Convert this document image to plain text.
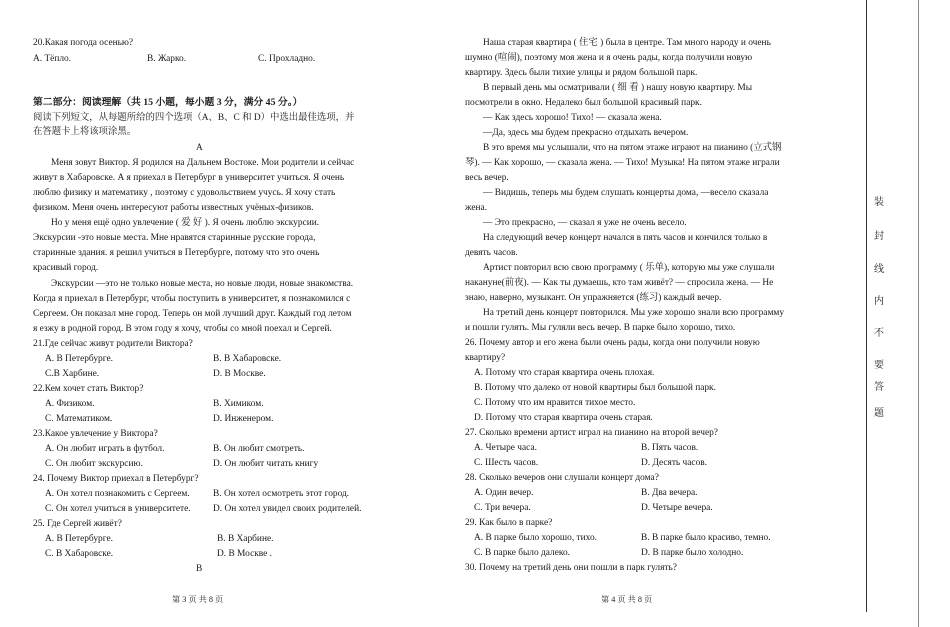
20.Какая погода осенью?
A. Тёпло.	B. Жарко.	C. Прохладно.
第二部分：阅读理解（共 15 小题，每小题 3 分，满分 45 分。）
阅读下列短文，从每题所给的四个选项（A、B、C 和 D）中选出最佳选项，并
在答题卡上将该项涂黑。
A
Меня зовут Виктор. Я родился на Дальнем Востоке. Мои родители и сейчас
живут в Хабаровске. А я приехал в Петербург в университет учиться. Я очень
люблю физику и математику , поэтому с удовольствием учусь. Я хочу стать
физиком. Меня очень интересуют работы известных учёных-физиков.
Но у меня ещё одно увлечение ( 爱 好 ). Я очень люблю экскурсии.
Экскурсии -это новые места. Мне нравятся старинные русские города,
старинные здания. я решил учиться в Петербурге, потому что это очень
красивый город.
Экскурсии —это не только новые места, но новые люди, новые знакомства.
Когда я приехал в Петербург, чтобы поступить в университет, я познакомился с
Сергеем. Он показал мне город. Теперь он мой лучший друг. Каждый год летом
я езжу в родной город. В этом году я хочу, чтобы со мной поехал и Сергей.
21.Где сейчас живут родители Виктора?
A. В Петербурге.	B. В Хабаровске.
C.В Харбине.	D. В Москве.
22.Кем хочет стать Виктор?
A. Физиком.	B. Химиком.
C. Математиком.	D. Инженером.
23.Какое увлечение у Виктора?
A. Он любит играть в футбол.	B. Он любит смотреть.
C. Он любит экскурсию.	D. Он любит читать книгу
24. Почему Виктор приехал в Петербург?
A. Он хотел познакомить с Сергеем. B. Он хотел осмотреть этот город.
C. Он хотел учиться в университете. D. Он хотел увидел своих родителей.
25. Где Сергей живёт?
A. В Петербурге.	B. В Харбине.
C. В Хабаровске.	D. В Москве .
B
第 3 页 共 8 页
Наша старая квартира ( 住宅 ) была в центре. Там много народу и очень
шумно (喧闹), поэтому моя жена и я очень рады, когда получили новую
квартиру. Здесь были тихие улицы и рядом большой парк.
В первый день мы осматривали ( 细 看 ) нашу новую квартиру. Мы
посмотрели в окно. Недалеко был большой красивый парк.
— Как здесь хорошо! Тихо! — сказала жена.
—Да, здесь мы будем прекрасно отдыхать вечером.
В это время мы услышали, что на пятом этаже играют на пианино (立式钢
琴). — Как хорошо, — сказала жена. — Тихо! Музыка! На пятом этаже играли
весь вечер.
— Видишь, теперь мы будем слушать концерты дома, —весело сказала
жена.
— Это прекрасно, — сказал я уже не очень весело.
На следующий вечер концерт начался в пять часов и кончился только в
девять часов.
Артист повторил всю свою программу ( 乐单), которую мы уже слушали
накануне(前夜). — Как ты думаешь, кто там живёт? — спросила жена. — Не
знаю, наверно, музыкант. Он упражняется (练习) каждый вечер.
На третий день концерт повторился. Мы уже хорошо знали всю программу
и пошли гулять. Мы гуляли весь вечер. В парке было хорошо, тихо.
26. Почему автор и его жена были очень рады, когда они получили новую
квартиру?
A. Потому что старая квартира очень плохая.
B. Потому что далеко от новой квартиры был большой парк.
C. Потому что им нравится тихое место.
D. Потому что старая квартира очень старая.
27. Сколько времени артист играл на пианино на второй вечер?
A. Четыре часа.	B. Пять часов.
C. Шесть часов.	D. Десять часов.
28. Сколько вечеров они слушали концерт дома?
A. Один вечер.	B. Два вечера.
C. Три вечера.	D. Четыре вечера.
29. Как было в парке?
A. В парке было хорошо, тихо.	B. В парке было красиво, темно.
C. В парке было далеко.	D. В парке было холодно.
30. Почему на третий день они пошли в парк гулять?
第 4 页 共 8 页
装
封
线
内
不
要
答
题
